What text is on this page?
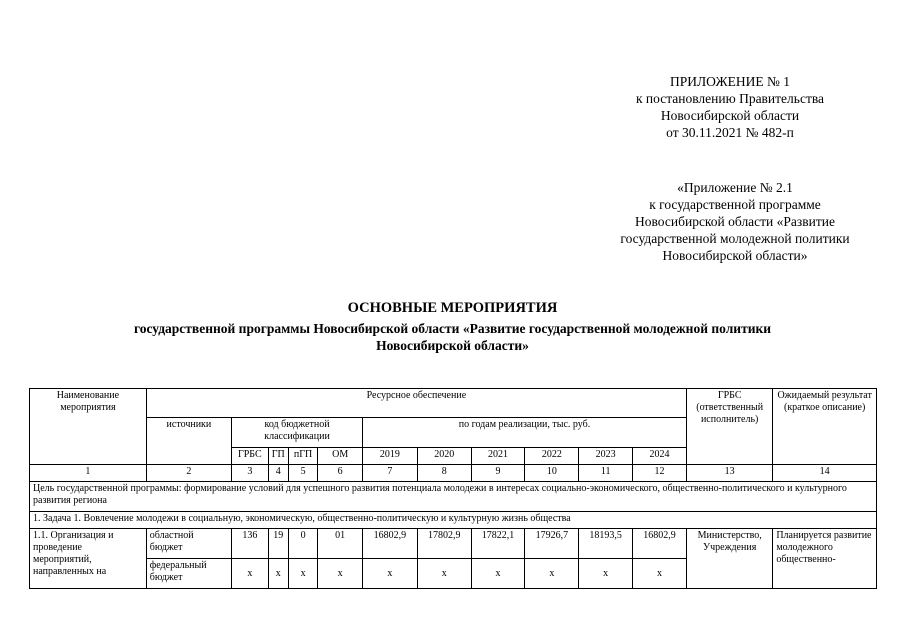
ПРИЛОЖЕНИЕ № 1
к постановлению Правительства
Новосибирской области
от 30.11.2021 № 482-п
«Приложение № 2.1
к государственной программе
Новосибирской области «Развитие
государственной молодежной политики
Новосибирской области»
ОСНОВНЫЕ МЕРОПРИЯТИЯ
государственной программы Новосибирской области «Развитие государственной молодежной политики
Новосибирской области»
Наименование мероприятия	Ресурсное обеспечение											ГРБС (ответственный исполнитель)	Ожидаемый результат (краткое описание)
	источники	код бюджетной классификации				по годам реализации, тыс. руб.							
		ГРБС	ГП	пГП	ОМ	2019	2020	2021	2022	2023	2024		
1	2	3	4	5	6	7	8	9	10	11	12	13	14
Цель государственной программы: формирование условий для успешного развития потенциала молодежи в интересах социально-экономического, общественно-политического и культурного развития региона													
1. Задача 1. Вовлечение молодежи в социальную, экономическую, общественно-политическую и культурную жизнь общества													
1.1. Организация и проведение мероприятий, направленных на	областной бюджет	136	19	0	01	16802,9	17802,9	17822,1	17926,7	18193,5	16802,9	Министерство, Учреждения	Планируется развитие молодежного общественно-
	федеральный бюджет	x	x	x	x	x	x	x	x	x	x		
